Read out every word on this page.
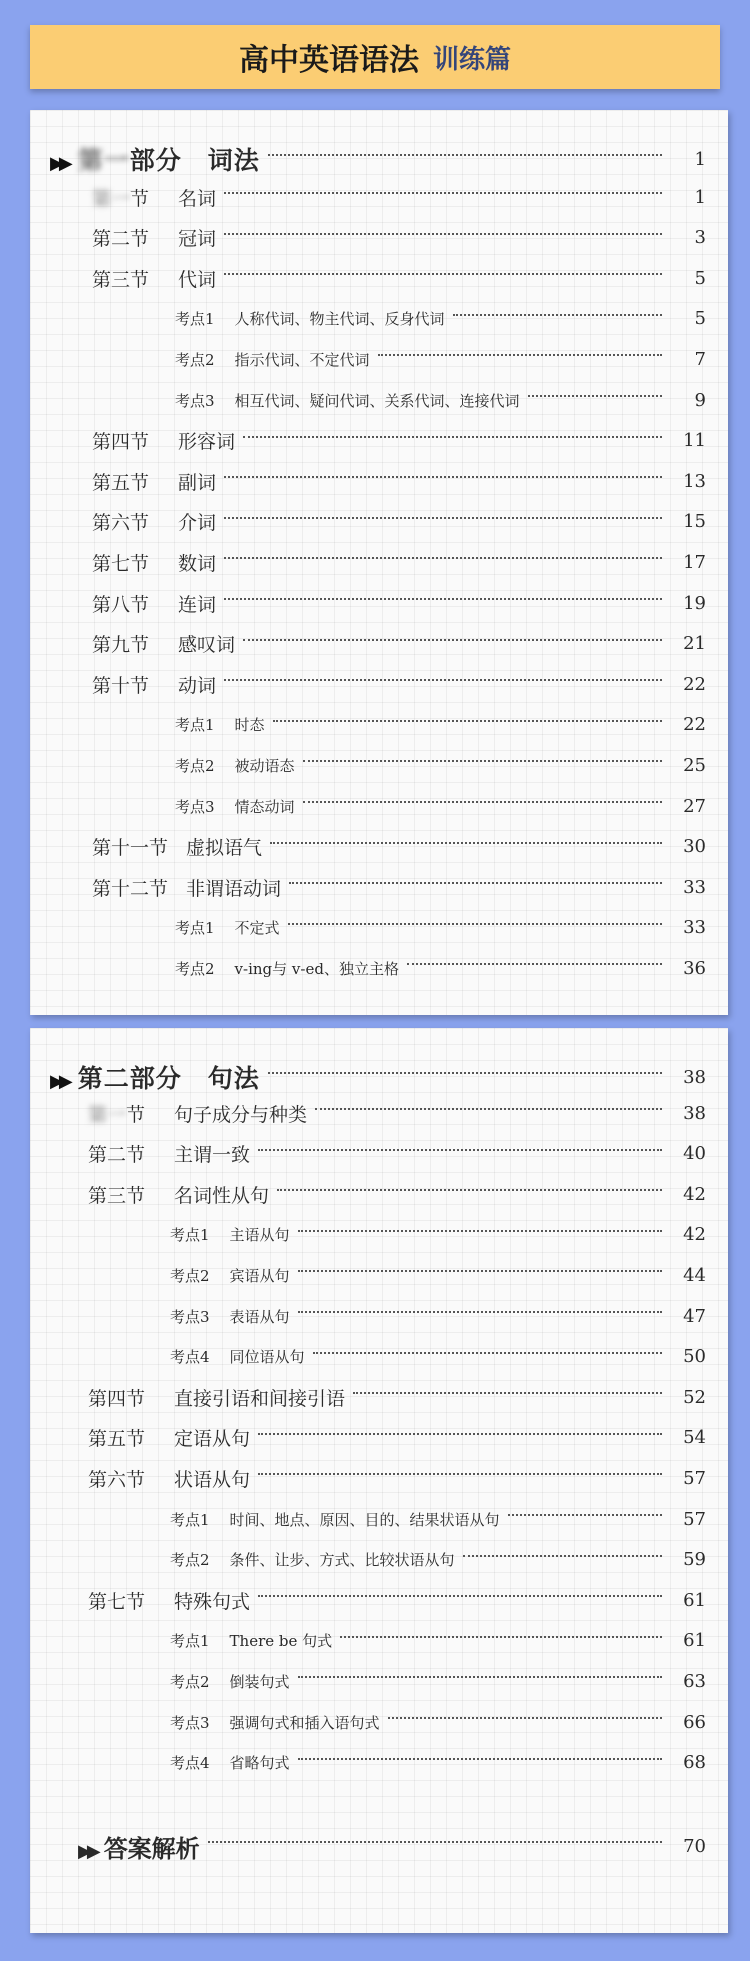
高中英语语法 训练篇
▶▶ 第一部分　词法	1
第一节 名词	1
第二节 冠词	3
第三节 代词	5
考点1 人称代词、物主代词、反身代词	5
考点2 指示代词、不定代词	7
考点3 相互代词、疑问代词、关系代词、连接代词	9
第四节 形容词	11
第五节 副词	13
第六节 介词	15
第七节 数词	17
第八节 连词	19
第九节 感叹词	21
第十节 动词	22
考点1 时态	22
考点2 被动语态	25
考点3 情态动词	27
第十一节 虚拟语气	30
第十二节 非谓语动词	33
考点1 不定式	33
考点2 v-ing与 v-ed、独立主格	36
▶▶ 第二部分　句法	38
第一节 句子成分与种类	38
第二节 主谓一致	40
第三节 名词性从句	42
考点1 主语从句	42
考点2 宾语从句	44
考点3 表语从句	47
考点4 同位语从句	50
第四节 直接引语和间接引语	52
第五节 定语从句	54
第六节 状语从句	57
考点1 时间、地点、原因、目的、结果状语从句	57
考点2 条件、让步、方式、比较状语从句	59
第七节 特殊句式	61
考点1 There be 句式	61
考点2 倒装句式	63
考点3 强调句式和插入语句式	66
考点4 省略句式	68
▶▶ 答案解析	70
